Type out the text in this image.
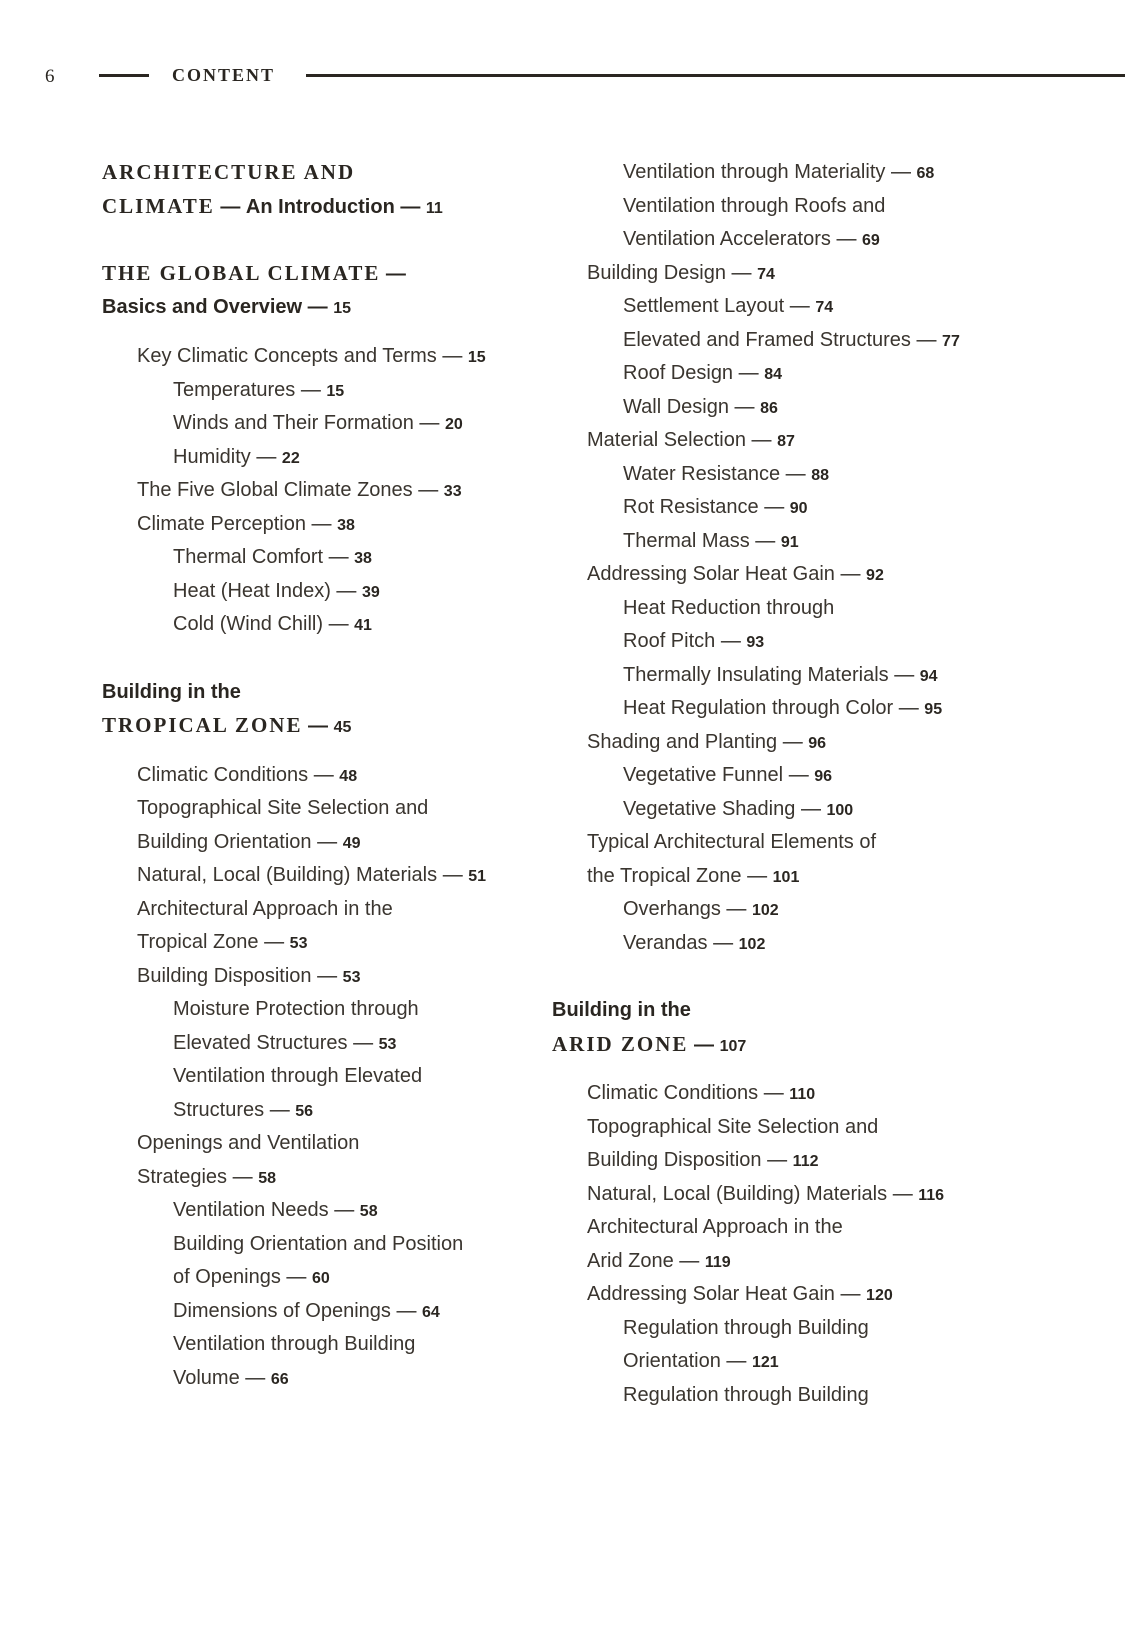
6	CONTENT
ARCHITECTURE AND
CLIMATE — An Introduction — 11
THE GLOBAL CLIMATE —
Basics and Overview — 15
Key Climatic Concepts and Terms — 15
Temperatures — 15
Winds and Their Formation — 20
Humidity — 22
The Five Global Climate Zones — 33
Climate Perception — 38
Thermal Comfort — 38
Heat (Heat Index) — 39
Cold (Wind Chill) — 41
Building in the
TROPICAL ZONE — 45
Climatic Conditions — 48
Topographical Site Selection and
Building Orientation — 49
Natural, Local (Building) Materials — 51
Architectural Approach in the
Tropical Zone — 53
Building Disposition — 53
Moisture Protection through
Elevated Structures — 53
Ventilation through Elevated
Structures — 56
Openings and Ventilation
Strategies — 58
Ventilation Needs — 58
Building Orientation and Position
of Openings — 60
Dimensions of Openings — 64
Ventilation through Building
Volume — 66
Ventilation through Materiality — 68
Ventilation through Roofs and
Ventilation Accelerators — 69
Building Design — 74
Settlement Layout — 74
Elevated and Framed Structures — 77
Roof Design — 84
Wall Design — 86
Material Selection — 87
Water Resistance — 88
Rot Resistance — 90
Thermal Mass — 91
Addressing Solar Heat Gain — 92
Heat Reduction through
Roof Pitch — 93
Thermally Insulating Materials — 94
Heat Regulation through Color — 95
Shading and Planting — 96
Vegetative Funnel — 96
Vegetative Shading — 100
Typical Architectural Elements of
the Tropical Zone — 101
Overhangs — 102
Verandas — 102
Building in the
ARID ZONE — 107
Climatic Conditions — 110
Topographical Site Selection and
Building Disposition — 112
Natural, Local (Building) Materials — 116
Architectural Approach in the
Arid Zone — 119
Addressing Solar Heat Gain — 120
Regulation through Building
Orientation — 121
Regulation through Building
